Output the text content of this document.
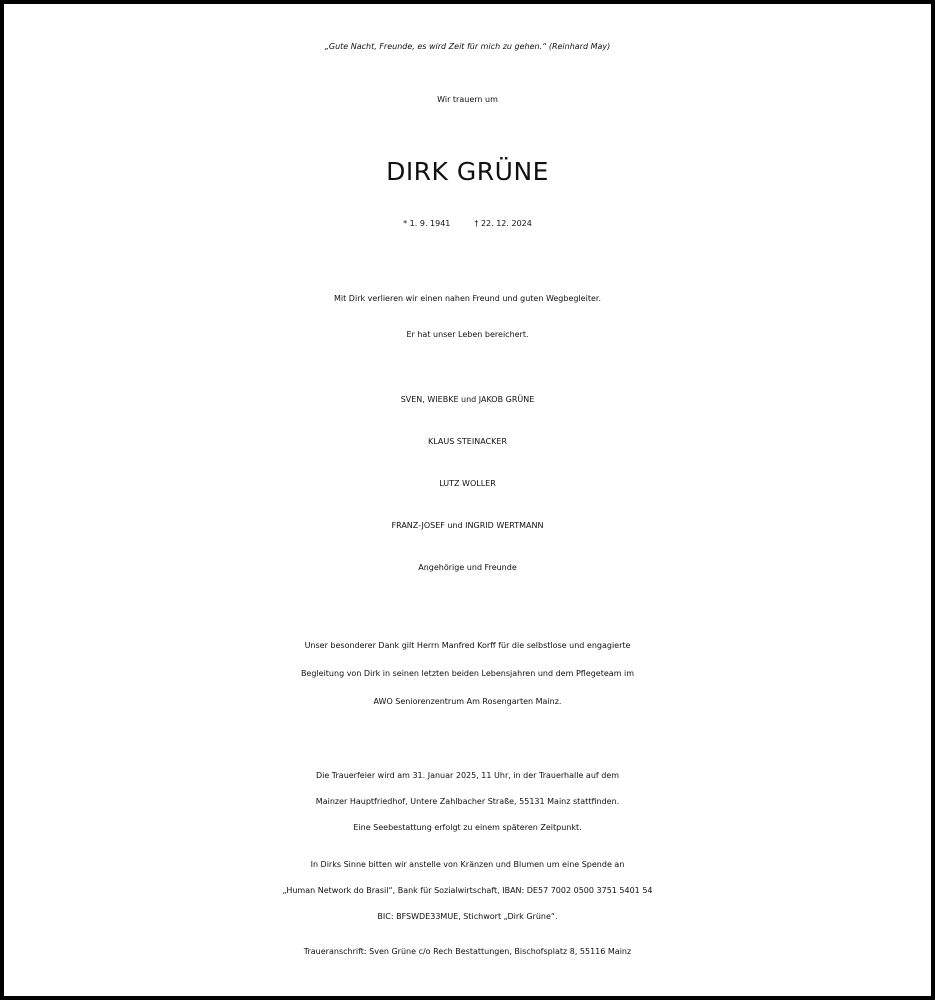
„Gute Nacht, Freunde, es wird Zeit für mich zu gehen.“ (Reinhard May)
Wir trauern um
DIRK GRÜNE
* 1. 9. 1941	† 22. 12. 2024
Mit Dirk verlieren wir einen nahen Freund und guten Wegbegleiter.
Er hat unser Leben bereichert.
SVEN, WIEBKE und JAKOB GRÜNE
KLAUS STEINACKER
LUTZ WOLLER
FRANZ-JOSEF und INGRID WERTMANN
Angehörige und Freunde
Unser besonderer Dank gilt Herrn Manfred Korff für die selbstlose und engagierte
Begleitung von Dirk in seinen letzten beiden Lebensjahren und dem Pflegeteam im
AWO Seniorenzentrum Am Rosengarten Mainz.
Die Trauerfeier wird am 31. Januar 2025, 11 Uhr, in der Trauerhalle auf dem
Mainzer Hauptfriedhof, Untere Zahlbacher Straße, 55131 Mainz stattfinden.
Eine Seebestattung erfolgt zu einem späteren Zeitpunkt.
In Dirks Sinne bitten wir anstelle von Kränzen und Blumen um eine Spende an
„Human Network do Brasil“, Bank für Sozialwirtschaft, IBAN: DE57 7002 0500 3751 5401 54
BIC: BFSWDE33MUE, Stichwort „Dirk Grüne“.
Traueranschrift: Sven Grüne c/o Rech Bestattungen, Bischofsplatz 8, 55116 Mainz
